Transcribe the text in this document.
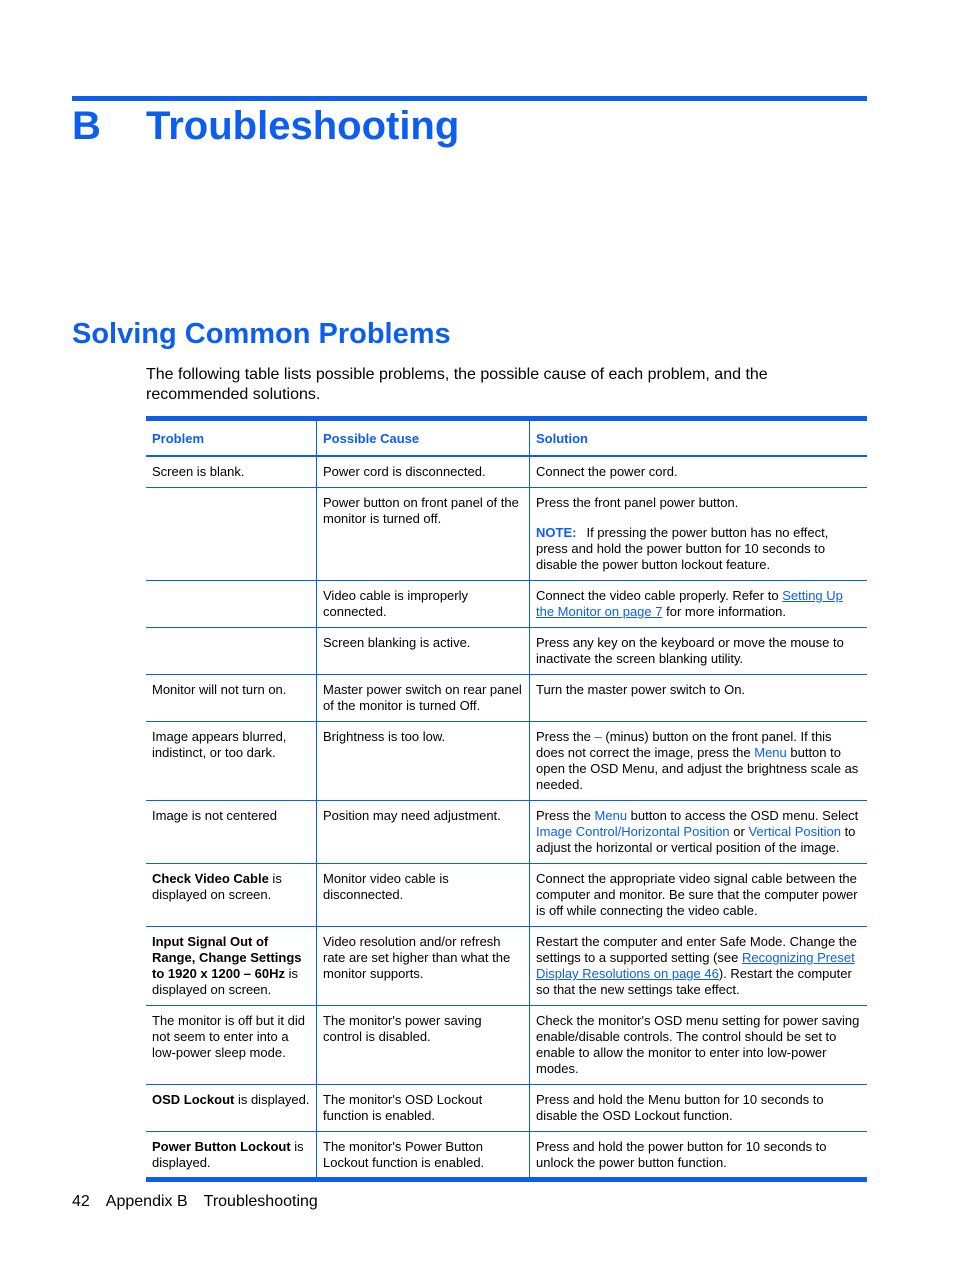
B Troubleshooting
Solving Common Problems
The following table lists possible problems, the possible cause of each problem, and the recommended solutions.
Problem	Possible Cause	Solution
Screen is blank.	Power cord is disconnected.	Connect the power cord.
	Power button on front panel of the monitor is turned off.	Press the front panel power button.
NOTE: If pressing the power button has no effect, press and hold the power button for 10 seconds to disable the power button lockout feature.

	Video cable is improperly connected.	Connect the video cable properly. Refer to Setting Up the Monitor on page 7 for more information.
	Screen blanking is active.	Press any key on the keyboard or move the mouse to inactivate the screen blanking utility.
Monitor will not turn on.	Master power switch on rear panel of the monitor is turned Off.	Turn the master power switch to On.
Image appears blurred, indistinct, or too dark.	Brightness is too low.	Press the – (minus) button on the front panel. If this does not correct the image, press the Menu button to open the OSD Menu, and adjust the brightness scale as needed.
Image is not centered	Position may need adjustment.	Press the Menu button to access the OSD menu. Select Image Control/Horizontal Position or Vertical Position to adjust the horizontal or vertical position of the image.
Check Video Cable is displayed on screen.	Monitor video cable is disconnected.	Connect the appropriate video signal cable between the computer and monitor. Be sure that the computer power is off while connecting the video cable.
Input Signal Out of Range, Change Settings to 1920 x 1200 – 60Hz is displayed on screen.	Video resolution and/or refresh rate are set higher than what the monitor supports.	Restart the computer and enter Safe Mode. Change the settings to a supported setting (see Recognizing Preset Display Resolutions on page 46). Restart the computer so that the new settings take effect.
The monitor is off but it did not seem to enter into a low-power sleep mode.	The monitor's power saving control is disabled.	Check the monitor's OSD menu setting for power saving enable/disable controls. The control should be set to enable to allow the monitor to enter into low-power modes.
OSD Lockout is displayed.	The monitor's OSD Lockout function is enabled.	Press and hold the Menu button for 10 seconds to disable the OSD Lockout function.
Power Button Lockout is displayed.	The monitor's Power Button Lockout function is enabled.	Press and hold the power button for 10 seconds to unlock the power button function.
42 Appendix B Troubleshooting
